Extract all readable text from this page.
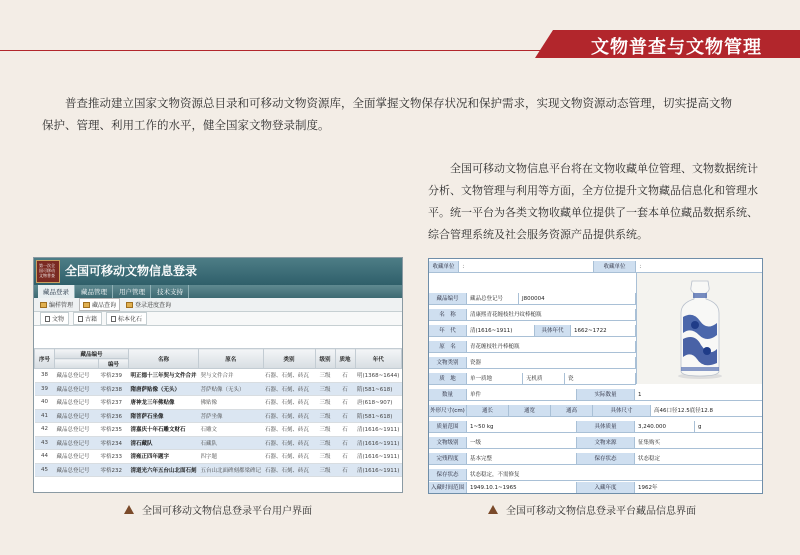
文物普查与文物管理

普查推动建立国家文物资源总目录和可移动文物资源库，全面掌握文物保存状况和保护需求，实现文物资源动态管理，切实提高文物保护、管理、利用工作的水平，健全国家文物登录制度。

全国可移动文物信息平台将在文物收藏单位管理、文物数据统计分析、文物管理与利用等方面，全方位提升文物藏品信息化和管理水平。统一平台为各类文物收藏单位提供了一套本单位藏品数据系统、综合管理系统及社会服务资源产品提供系统。

第一次全国可移动文物普查 全国可移动文物信息登录
藏品登录	藏品管理	用户管理	技术支持
编样管理	藏品查询	登录进度查询
文物	古籍	标本化石
序号	藏品编号		名称	原名	类别	级别	质地	年代
		编号						
38	藏品总登记号	零格239	明正德十三年契与文件合并	契与文件合并	石器、石刻、砖瓦	三级	石	明(1368~1644)
39	藏品总登记号	零格238	隋唐萨贴像（无头）	菩萨贴像（无头）	石器、石刻、砖瓦	三级	石	隋(581~618)
40	藏品总登记号	零格237	唐神龙三年佛贴像	佛贴像	石器、石刻、砖瓦	三级	石	唐(618~907)
41	藏品总登记号	零格236	隋菩萨石坐像	菩萨坐像	石器、石刻、砖瓦	三级	石	隋(581~618)
42	藏品总登记号	零格235	清嘉庆十年石雕文财石	石雕文	石器、石刻、砖瓦	三级	石	清(1616~1911)
43	藏品总登记号	零格234	清石藏队	石藏队	石器、石刻、砖瓦	三级	石	清(1616~1911)
44	藏品总登记号	零格233	清雍正四年题字	四字题	石器、石刻、砖瓦	三级	石	清(1616~1911)
45	藏品总登记号	零格232	清道光六年五台山北面石刻	五台山北面碑刻都梁碑记	石器、石刻、砖瓦	三级	石	清(1616~1911)
收藏单位	：	收藏单位	：
藏品编号	藏品总登记号	J800004
名　称	清康熙青花缠枝牡丹纹棒槌瓶
年　代	清(1616~1911)	具体年代	1662~1722
原　名	青花缠枝牡丹棒槌瓶
文物类别	瓷器
质　地	单一质地	无机质	瓷
数量	单件	实际数量	1
外形尺寸(cm)	通长	通宽	通高	具体尺寸	高46口径12.5底径12.8
质量范围	1~50 kg	具体质量	3,240.000	g
文物级别	一级	文物来源	征集购买
完残程度	基本完整	保存状态	状态稳定
保存状态	状态稳定，不需修复
入藏时间范围	1949.10.1~1965	入藏年度	1962年
全国可移动文物信息登录平台用户界面	全国可移动文物信息登录平台藏品信息界面
